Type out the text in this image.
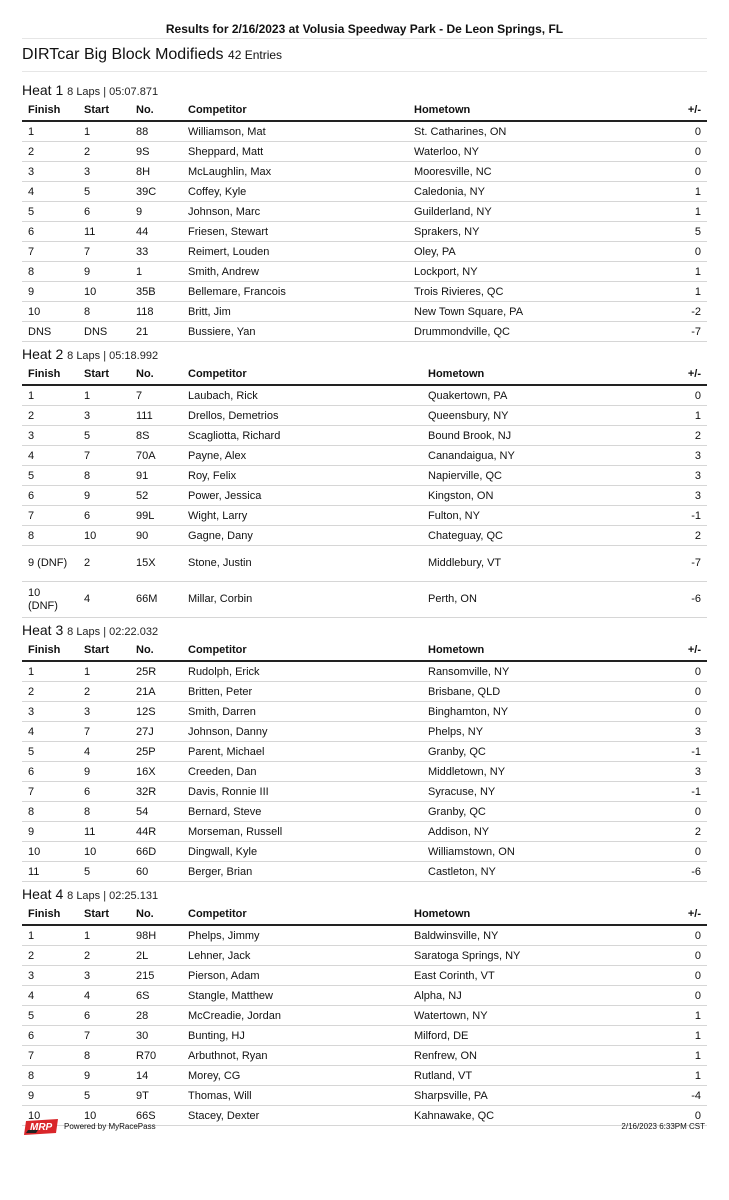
Results for 2/16/2023 at Volusia Speedway Park - De Leon Springs, FL
DIRTcar Big Block Modifieds 42 Entries
Heat 1 8 Laps | 05:07.871
Finish	Start	No.	Competitor	Hometown	+/-
1	1	88	Williamson, Mat	St. Catharines, ON	0
2	2	9S	Sheppard, Matt	Waterloo, NY	0
3	3	8H	McLaughlin, Max	Mooresville, NC	0
4	5	39C	Coffey, Kyle	Caledonia, NY	1
5	6	9	Johnson, Marc	Guilderland, NY	1
6	11	44	Friesen, Stewart	Sprakers, NY	5
7	7	33	Reimert, Louden	Oley, PA	0
8	9	1	Smith, Andrew	Lockport, NY	1
9	10	35B	Bellemare, Francois	Trois Rivieres, QC	1
10	8	118	Britt, Jim	New Town Square, PA	-2
DNS	DNS	21	Bussiere, Yan	Drummondville, QC	-7
Heat 2 8 Laps | 05:18.992
Finish	Start	No.	Competitor	Hometown	+/-
1	1	7	Laubach, Rick	Quakertown, PA	0
2	3	111	Drellos, Demetrios	Queensbury, NY	1
3	5	8S	Scagliotta, Richard	Bound Brook, NJ	2
4	7	70A	Payne, Alex	Canandaigua, NY	3
5	8	91	Roy, Felix	Napierville, QC	3
6	9	52	Power, Jessica	Kingston, ON	3
7	6	99L	Wight, Larry	Fulton, NY	-1
8	10	90	Gagne, Dany	Chateguay, QC	2
9 (DNF)	2	15X	Stone, Justin	Middlebury, VT	-7
10 (DNF)	4	66M	Millar, Corbin	Perth, ON	-6
Heat 3 8 Laps | 02:22.032
Finish	Start	No.	Competitor	Hometown	+/-
1	1	25R	Rudolph, Erick	Ransomville, NY	0
2	2	21A	Britten, Peter	Brisbane, QLD	0
3	3	12S	Smith, Darren	Binghamton, NY	0
4	7	27J	Johnson, Danny	Phelps, NY	3
5	4	25P	Parent, Michael	Granby, QC	-1
6	9	16X	Creeden, Dan	Middletown, NY	3
7	6	32R	Davis, Ronnie III	Syracuse, NY	-1
8	8	54	Bernard, Steve	Granby, QC	0
9	11	44R	Morseman, Russell	Addison, NY	2
10	10	66D	Dingwall, Kyle	Williamstown, ON	0
11	5	60	Berger, Brian	Castleton, NY	-6
Heat 4 8 Laps | 02:25.131
Finish	Start	No.	Competitor	Hometown	+/-
1	1	98H	Phelps, Jimmy	Baldwinsville, NY	0
2	2	2L	Lehner, Jack	Saratoga Springs, NY	0
3	3	215	Pierson, Adam	East Corinth, VT	0
4	4	6S	Stangle, Matthew	Alpha, NJ	0
5	6	28	McCreadie, Jordan	Watertown, NY	1
6	7	30	Bunting, HJ	Milford, DE	1
7	8	R70	Arbuthnot, Ryan	Renfrew, ON	1
8	9	14	Morey, CG	Rutland, VT	1
9	5	9T	Thomas, Will	Sharpsville, PA	-4
10	10	66S	Stacey, Dexter	Kahnawake, QC	0
MRP Powered by MyRacePass	2/16/2023 6:33PM CST
